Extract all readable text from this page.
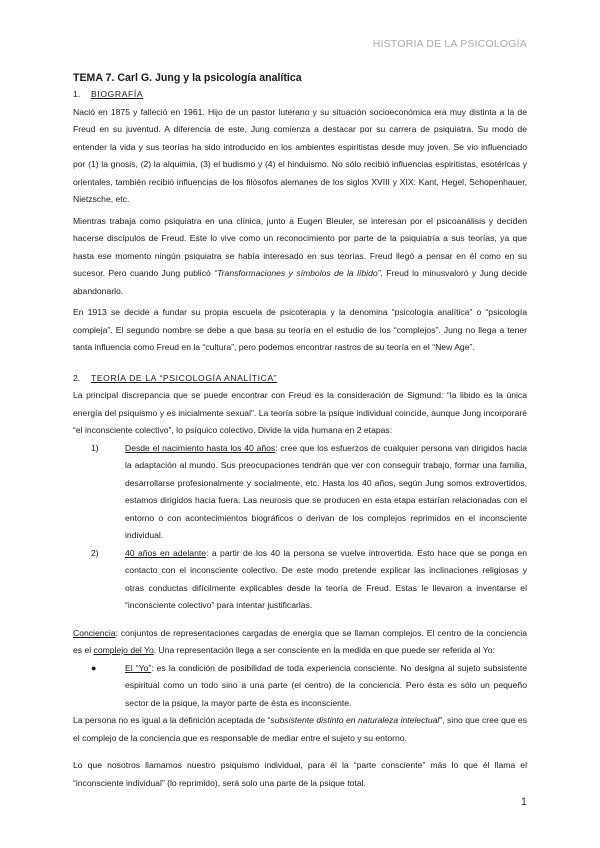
HISTORIA DE LA PSICOLOGÍA

TEMA 7. Carl G. Jung y la psicología analítica

1. BIOGRAFÍA

Nació en 1875 y falleció en 1961. Hijo de un pastor luterano y su situación socioeconómica era muy distinta a la de Freud en su juventud. A diferencia de este, Jung comienza a destacar por su carrera de psiquiatra. Su modo de entender la vida y sus teorías ha sido introducido en los ambientes espiritistas desde muy joven. Se vio influenciado por (1) la gnosis, (2) la alquimia, (3) el budismo y (4) el hinduismo. No sólo recibió influencias espiritistas, esotéricas y orientales, también recibió influencias de los filósofos alemanes de los siglos XVIII y XIX: Kant, Hegel, Schopenhauer, Nietzsche, etc.

Mientras trabaja como psiquiatra en una clínica, junto a Eugen Bleuler, se interesan por el psicoanálisis y deciden hacerse discípulos de Freud. Este lo vive como un reconocimiento por parte de la psiquiatría a sus teorías, ya que hasta ese momento ningún psiquiatra se había interesado en sus teorías. Freud llegó a pensar en él como en su sucesor. Pero cuando Jung publicó “Transformaciones y símbolos de la líbido”, Freud lo minusvaloró y Jung decide abandonarlo.

En 1913 se decide a fundar su propia escuela de psicoterapia y la denomina “psicología analítica” o “psicología compleja”. El segundo nombre se debe a que basa su teoría en el estudio de los “complejos”. Jung no llega a tener tanta influencia como Freud en la “cultura”, pero podemos encontrar rastros de su teoría en el “New Age”.

2. TEORÍA DE LA “PSICOLOGÍA ANALÍTICA”

La principal discrepancia que se puede encontrar con Freud es la consideración de Sigmund: “la libido es la única energía del psiquismo y es inicialmente sexual”. La teoría sobre la psique individual coincide, aunque Jung incorporaré “el inconsciente colectivo”, lo psíquico colectivo. Divide la vida humana en 2 etapas:

1)	Desde el nacimiento hasta los 40 años: cree que los esfuerzos de cualquier persona van dirigidos hacia la adaptación al mundo. Sus preocupaciones tendrán que ver con conseguir trabajo, formar una familia, desarrollarse profesionalmente y socialmente, etc. Hasta los 40 años, según Jung somos extrovertidos, estamos dirigidos hacia fuera. Las neurosis que se producen en esta etapa estarían relacionadas con el entorno o con acontecimientos biográficos o derivan de los complejos reprimidos en el inconsciente individual.
2)	40 años en adelante: a partir de los 40 la persona se vuelve introvertida. Esto hace que se ponga en contacto con el inconsciente colectivo. De este modo pretende explicar las inclinaciones religiosas y otras conductas difícilmente explicables desde la teoría de Freud. Estas le llevaron a inventarse el “inconsciente colectivo” para intentar justificarlas.

Conciencia: conjuntos de representaciones cargadas de energía que se llaman complejos. El centro de la conciencia es el complejo del Yo. Una representación llega a ser consciente en la medida en que puede ser referida al Yo:

●	El “Yo”: es la condición de posibilidad de toda experiencia consciente. No designa al sujeto subsistente espiritual como un todo sino a una parte (el centro) de la conciencia. Pero ésta es sólo un pequeño sector de la psique, la mayor parte de ésta es inconsciente.

La persona no es igual a la definición aceptada de “subsistente distinto en naturaleza intelectual”, sino que cree que es el complejo de la conciencia que es responsable de mediar entre el sujeto y su entorno.

Lo que nosotros llamamos nuestro psiquismo individual, para él la “parte consciente” más lo que él llama el “inconsciente individual” (lo reprimido), será solo una parte de la psique total.

1
